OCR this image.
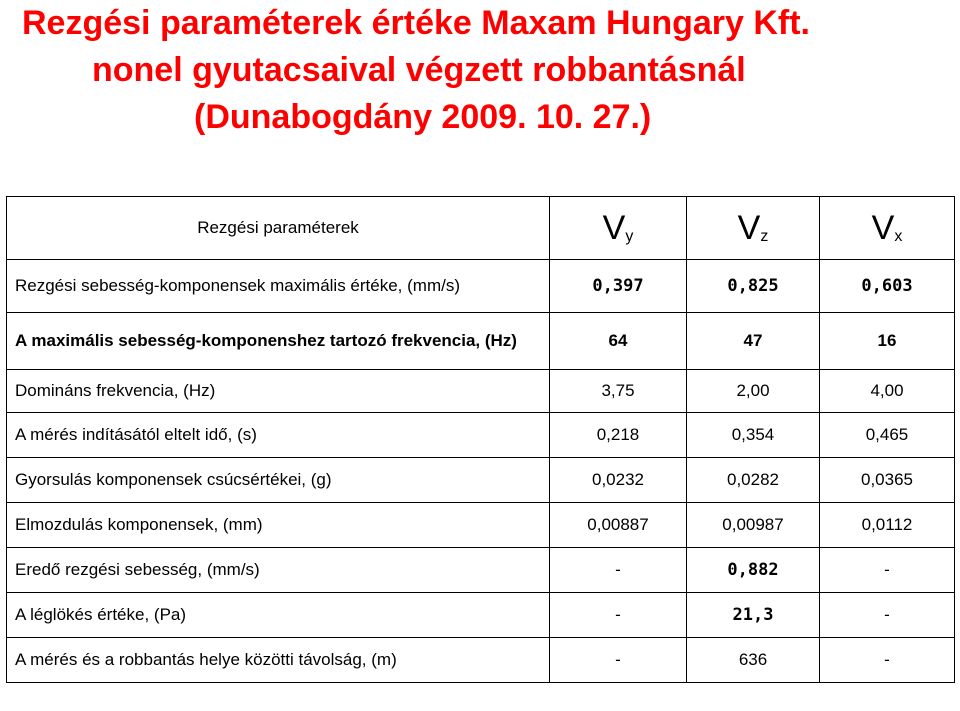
Rezgési paraméterek értéke Maxam Hungary Kft.
nonel gyutacsaival végzett robbantásnál
(Dunabogdány 2009. 10. 27.)
Rezgési paraméterek	$V_y$	$V_z$	$V_x$
Rezgési sebesség-komponensek maximális értéke, (mm/s)	0,397	0,825	0,603
A maximális sebesség-komponenshez tartozó frekvencia, (Hz)	64	47	16
Domináns frekvencia, (Hz)	3,75	2,00	4,00
A mérés indításától eltelt idő, (s)	0,218	0,354	0,465
Gyorsulás komponensek csúcsértékei, (g)	0,0232	0,0282	0,0365
Elmozdulás komponensek, (mm)	0,00887	0,00987	0,0112
Eredő rezgési sebesség, (mm/s)	-	0,882	-
A léglökés értéke, (Pa)	-	21,3	-
A mérés és a robbantás helye közötti távolság, (m)	-	636	-
